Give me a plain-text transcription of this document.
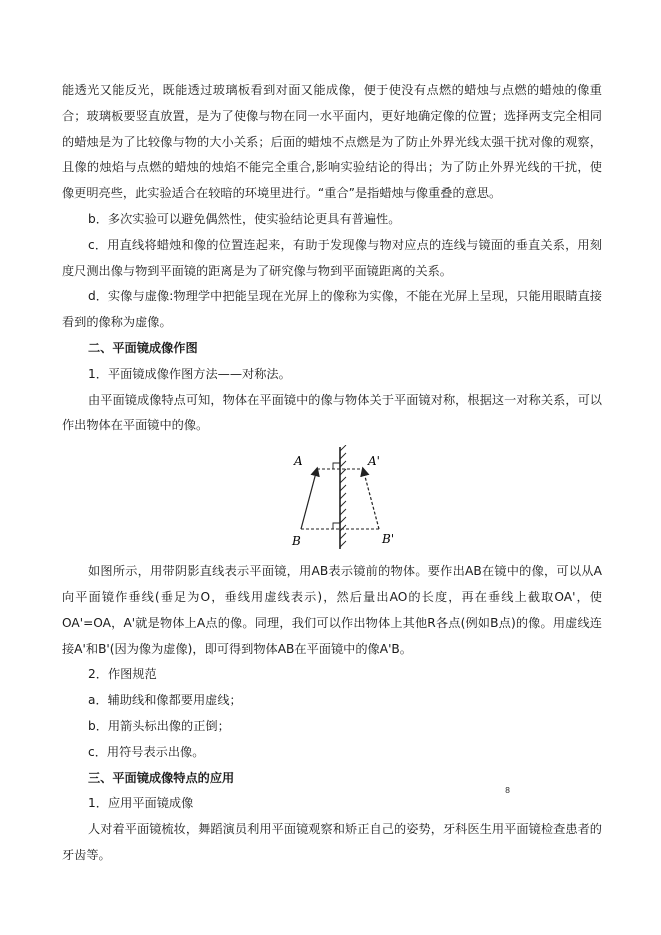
能透光又能反光，既能透过玻璃板看到对面又能成像，便于使没有点燃的蜡烛与点燃的蜡烛的像重合；玻璃板要竖直放置，是为了使像与物在同一水平面内，更好地确定像的位置；选择两支完全相同的蜡烛是为了比较像与物的大小关系；后面的蜡烛不点燃是为了防止外界光线太强干扰对像的观察，且像的烛焰与点燃的蜡烛的烛焰不能完全重合,影响实验结论的得出；为了防止外界光线的干扰，使像更明亮些，此实验适合在较暗的环境里进行。“重合”是指蜡烛与像重叠的意思。

b．多次实验可以避免偶然性，使实验结论更具有普遍性。

c．用直线将蜡烛和像的位置连起来，有助于发现像与物对应点的连线与镜面的垂直关系，用刻度尺测出像与物到平面镜的距离是为了研究像与物到平面镜距离的关系。

d．实像与虚像:物理学中把能呈现在光屏上的像称为实像，不能在光屏上呈现，只能用眼睛直接看到的像称为虚像。

二、平面镜成像作图

1．平面镜成像作图方法——对称法。

由平面镜成像特点可知，物体在平面镜中的像与物体关于平面镜对称，根据这一对称关系，可以作出物体在平面镜中的像。

A
B
A'
B'

如图所示，用带阴影直线表示平面镜，用AB表示镜前的物体。要作出AB在镜中的像，可以从A向平面镜作垂线(垂足为O，垂线用虚线表示)，然后量出AO的长度，再在垂线上截取OA'，使OA'=OA，A'就是物体上A点的像。同理，我们可以作出物体上其他R各点(例如B点)的像。用虚线连接A'和B'(因为像为虚像)，即可得到物体AB在平面镜中的像A'B。

2．作图规范

a．辅助线和像都要用虚线；

b．用箭头标出像的正倒；

c．用符号表示出像。

三、平面镜成像特点的应用

1．应用平面镜成像

人对着平面镜梳妆，舞蹈演员利用平面镜观察和矫正自己的姿势，牙科医生用平面镜检查患者的牙齿等。

8
